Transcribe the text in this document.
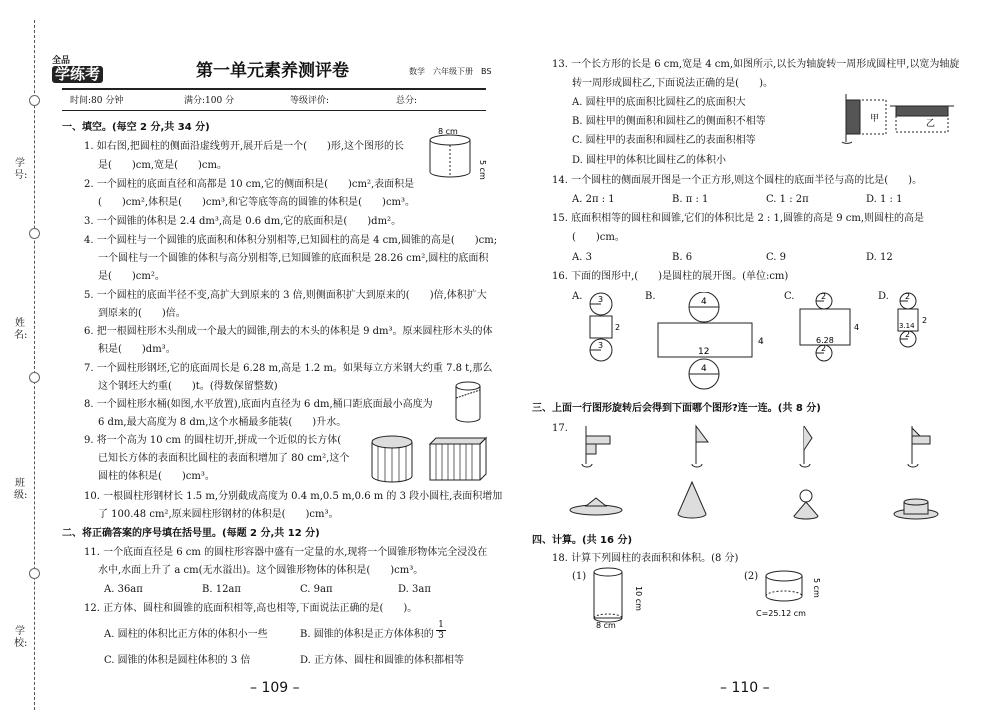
学　号:
姓　名:
班　级:
学　校:
全品
学练考	第一单元素养测评卷	数学　六年级下册　BS
时间:80 分钟	满分:100 分	等级评价:	总分:
一、填空。(每空 2 分,共 34 分)
1. 如右图,把圆柱的侧面沿虚线剪开,展开后是一个(　　)形,这个图形的长
是(　　)cm,宽是(　　)cm。
8 cm
5 cm
2. 一个圆柱的底面直径和高都是 10 cm,它的侧面积是(　　)cm²,表面积是
(　　)cm²,体积是(　　)cm³,和它等底等高的圆锥的体积是(　　)cm³。
3. 一个圆锥的体积是 2.4 dm³,高是 0.6 dm,它的底面积是(　　)dm²。
4. 一个圆柱与一个圆锥的底面积和体积分别相等,已知圆柱的高是 4 cm,圆锥的高是(　　)cm;
一个圆柱与一个圆锥的体积与高分别相等,已知圆锥的底面积是 28.26 cm²,圆柱的底面积
是(　　)cm²。
5. 一个圆柱的底面半径不变,高扩大到原来的 3 倍,则侧面积扩大到原来的(　　)倍,体积扩大
到原来的(　　)倍。
6. 把一根圆柱形木头削成一个最大的圆锥,削去的木头的体积是 9 dm³。原来圆柱形木头的体
积是(　　)dm³。
7. 一个圆柱形钢坯,它的底面周长是 6.28 m,高是 1.2 m。如果每立方米钢大约重 7.8 t,那么
这个钢坯大约重(　　)t。(得数保留整数)
8. 一个圆柱形水桶(如图,水平放置),底面内直径为 6 dm,桶口距底面最小高度为
6 dm,最大高度为 8 dm,这个水桶最多能装(　　)升水。
9. 将一个高为 10 cm 的圆柱切开,拼成一个近似的长方体(
已知长方体的表面积比圆柱的表面积增加了 80 cm²,这个
圆柱的体积是(　　)cm³。
10. 一根圆柱形钢材长 1.5 m,分别截成高度为 0.4 m,0.5 m,0.6 m 的 3 段小圆柱,表面积增加
了 100.48 cm²,原来圆柱形钢材的体积是(　　)cm³。
二、将正确答案的序号填在括号里。(每题 2 分,共 12 分)
11. 一个底面直径是 6 cm 的圆柱形容器中盛有一定量的水,现将一个圆锥形物体完全浸没在
水中,水面上升了 a cm(无水溢出)。这个圆锥形物体的体积是(　　)cm³。
A. 36aπ	B. 12aπ	C. 9aπ	D. 3aπ
12. 正方体、圆柱和圆锥的底面积相等,高也相等,下面说法正确的是(　　)。
A. 圆柱的体积比正方体的体积小一些	B. 圆锥的体积是正方体体积的 $\frac{1}{3}$
C. 圆锥的体积是圆柱体积的 3 倍	D. 正方体、圆柱和圆锥的体积都相等
– 109 –
13. 一个长方形的长是 6 cm,宽是 4 cm,如图所示,以长为轴旋转一周形成圆柱甲,以宽为轴旋
转一周形成圆柱乙,下面说法正确的是(　　)。
A. 圆柱甲的底面积比圆柱乙的底面积大
B. 圆柱甲的侧面积和圆柱乙的侧面积不相等
C. 圆柱甲的表面积和圆柱乙的表面积相等
D. 圆柱甲的体积比圆柱乙的体积小
甲	乙
14. 一个圆柱的侧面展开图是一个正方形,则这个圆柱的底面半径与高的比是(　　)。
A. 2π : 1	B. π : 1	C. 1 : 2π	D. 1 : 1
15. 底面积相等的圆柱和圆锥,它们的体积比是 2 : 1,圆锥的高是 9 cm,则圆柱的高是
(　　)cm。
A. 3	B. 6	C. 9	D. 12
16. 下面的图形中,(　　)是圆柱的展开图。(单位:cm)
A.	B.	C.	D.
3
3
2
4
4
12
4
2
2
6.28
4
2
2
3.14
2
三、上面一行图形旋转后会得到下面哪个图形?连一连。(共 8 分)
17.
四、计算。(共 16 分)
18. 计算下列圆柱的表面积和体积。(8 分)
(1)
10 cm
8 cm
(2)
5 cm
C=25.12 cm
– 110 –
